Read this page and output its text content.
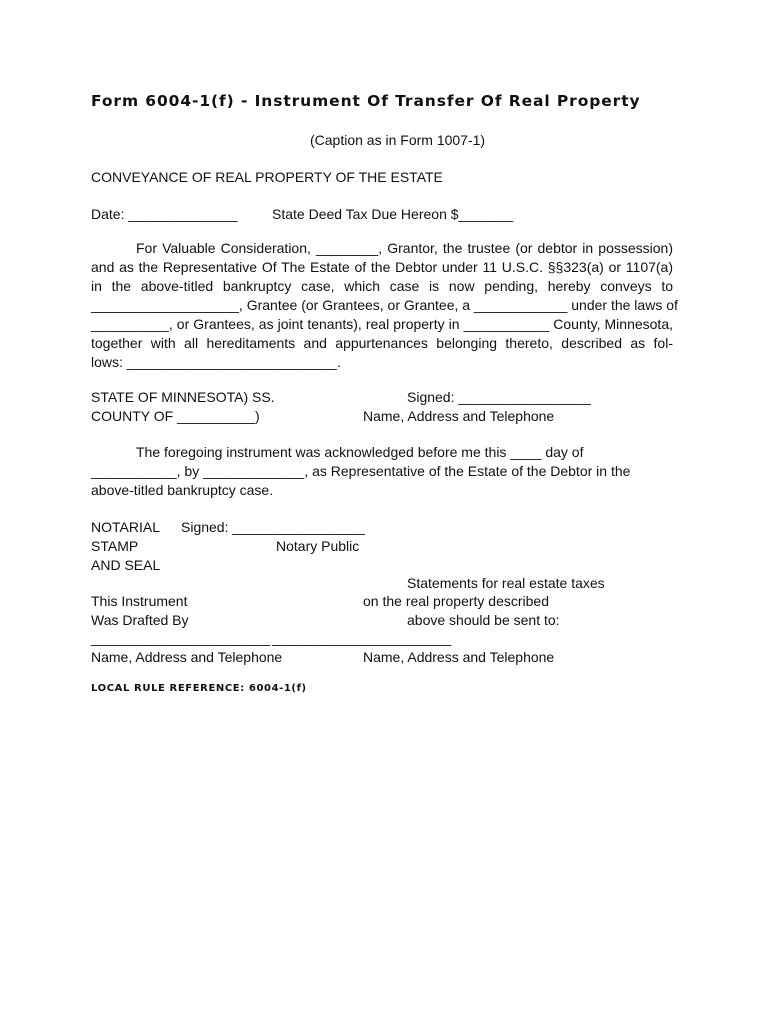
Form 6004-1(f) - Instrument Of Transfer Of Real Property
(Caption as in Form 1007-1)
CONVEYANCE OF REAL PROPERTY OF THE ESTATE
Date: ______________ State Deed Tax Due Hereon $_______
For Valuable Consideration, ________, Grantor, the trustee (or debtor in possession)
and as the Representative Of The Estate of the Debtor under 11 U.S.C. §§323(a) or 1107(a)
in the above-titled bankruptcy case, which case is now pending, hereby conveys to
___________________, Grantee (or Grantees, or Grantee, a ____________ under the laws of
__________, or Grantees, as joint tenants), real property in ___________ County, Minnesota,
together with all hereditaments and appurtenances belonging thereto, described as fol-
lows: ___________________________.
STATE OF MINNESOTA) SS.
COUNTY OF __________)
Signed: _________________
Name, Address and Telephone
The foregoing instrument was acknowledged before me this ____ day of
___________, by _____________, as Representative of the Estate of the Debtor in the
above-titled bankruptcy case.
NOTARIAL
STAMP
AND SEAL
Signed: _________________
Notary Public
Statements for real estate taxes
on the real property described
above should be sent to:
This Instrument
Was Drafted By
_______________________ _______________________
Name, Address and Telephone	Name, Address and Telephone
LOCAL RULE REFERENCE: 6004-1(f)
